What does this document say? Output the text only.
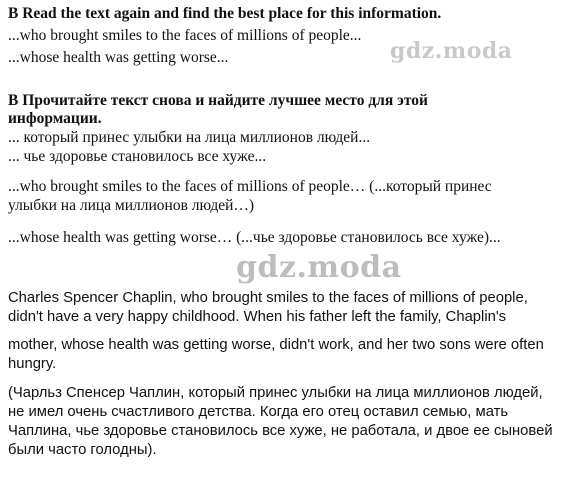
B Read the text again and find the best place for this information.
...who brought smiles to the faces of millions of people...
...whose health was getting worse...	gdz.moda
В Прочитайте текст снова и найдите лучшее место для этой
информации.
... который принес улыбки на лица миллионов людей...
... чье здоровье становилось все хуже...
...who brought smiles to the faces of millions of people… (...который принес
улыбки на лица миллионов людей…)
...whose health was getting worse… (...чье здоровье становилось все хуже)...
gdz.moda
Charles Spencer Chaplin, who brought smiles to the faces of millions of people,
didn't have a very happy childhood. When his father left the family, Chaplin's
mother, whose health was getting worse, didn't work, and her two sons were often
hungry.
(Чарльз Спенсер Чаплин, который принес улыбки на лица миллионов людей,
не имел очень счастливого детства. Когда его отец оставил семью, мать
Чаплина, чье здоровье становилось все хуже, не работала, и двое ее сыновей
были часто голодны).
